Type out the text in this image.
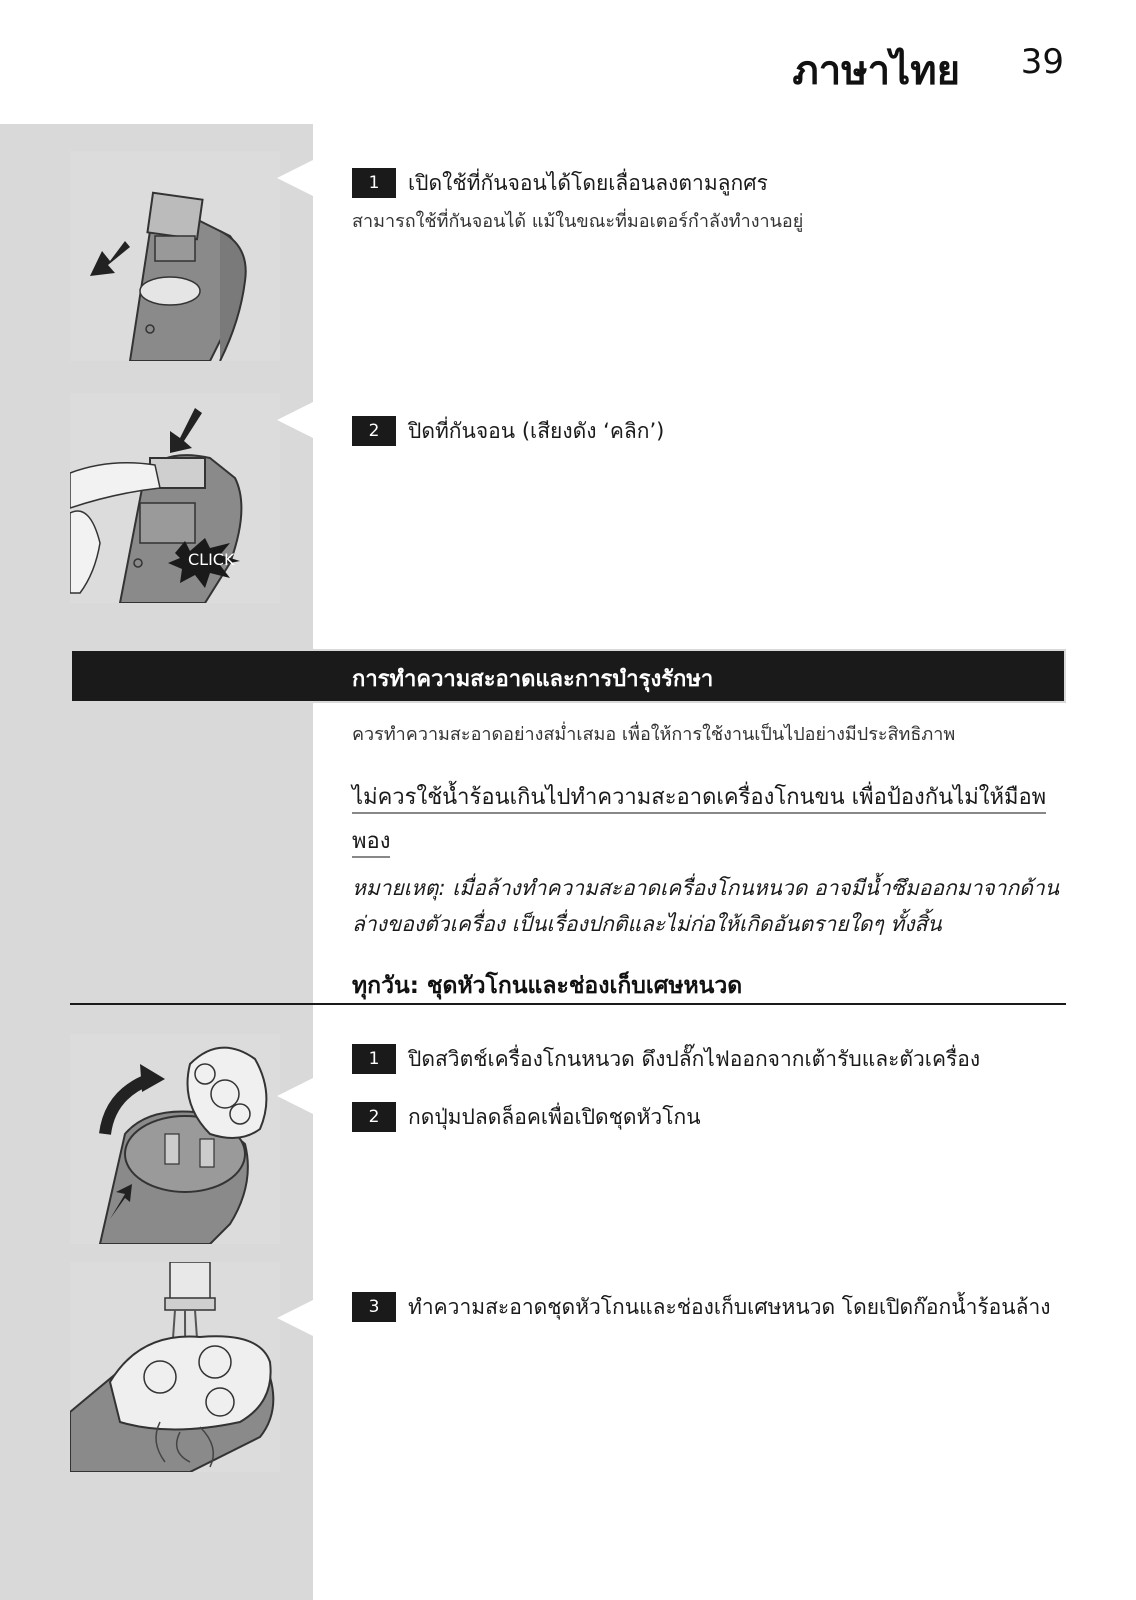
ภาษาไทย 39
1	เปิดใช้ที่กันจอนได้โดยเลื่อนลงตามลูกศร
สามารถใช้ที่กันจอนได้ แม้ในขณะที่มอเตอร์กำลังทำงานอยู่
CLICK
2	ปิดที่กันจอน (เสียงดัง ‘คลิก’)
การทำความสะอาดและการบำรุงรักษา
ควรทำความสะอาดอย่างสม่ำเสมอ เพื่อให้การใช้งานเป็นไปอย่างมีประสิทธิภาพ
ไม่ควรใช้น้ำร้อนเกินไปทำความสะอาดเครื่องโกนขน เพื่อป้องกันไม่ให้มือพ
พอง
หมายเหตุ: เมื่อล้างทำความสะอาดเครื่องโกนหนวด อาจมีน้ำซึมออกมาจากด้าน
ล่างของตัวเครื่อง เป็นเรื่องปกติและไม่ก่อให้เกิดอันตรายใดๆ ทั้งสิ้น
ทุกวัน: ชุดหัวโกนและช่องเก็บเศษหนวด
1	ปิดสวิตช์เครื่องโกนหนวด ดึงปลั๊กไฟออกจากเต้ารับและตัวเครื่อง
2	กดปุ่มปลดล็อคเพื่อเปิดชุดหัวโกน
3	ทำความสะอาดชุดหัวโกนและช่องเก็บเศษหนวด โดยเปิดก๊อกน้ำร้อนล้าง
